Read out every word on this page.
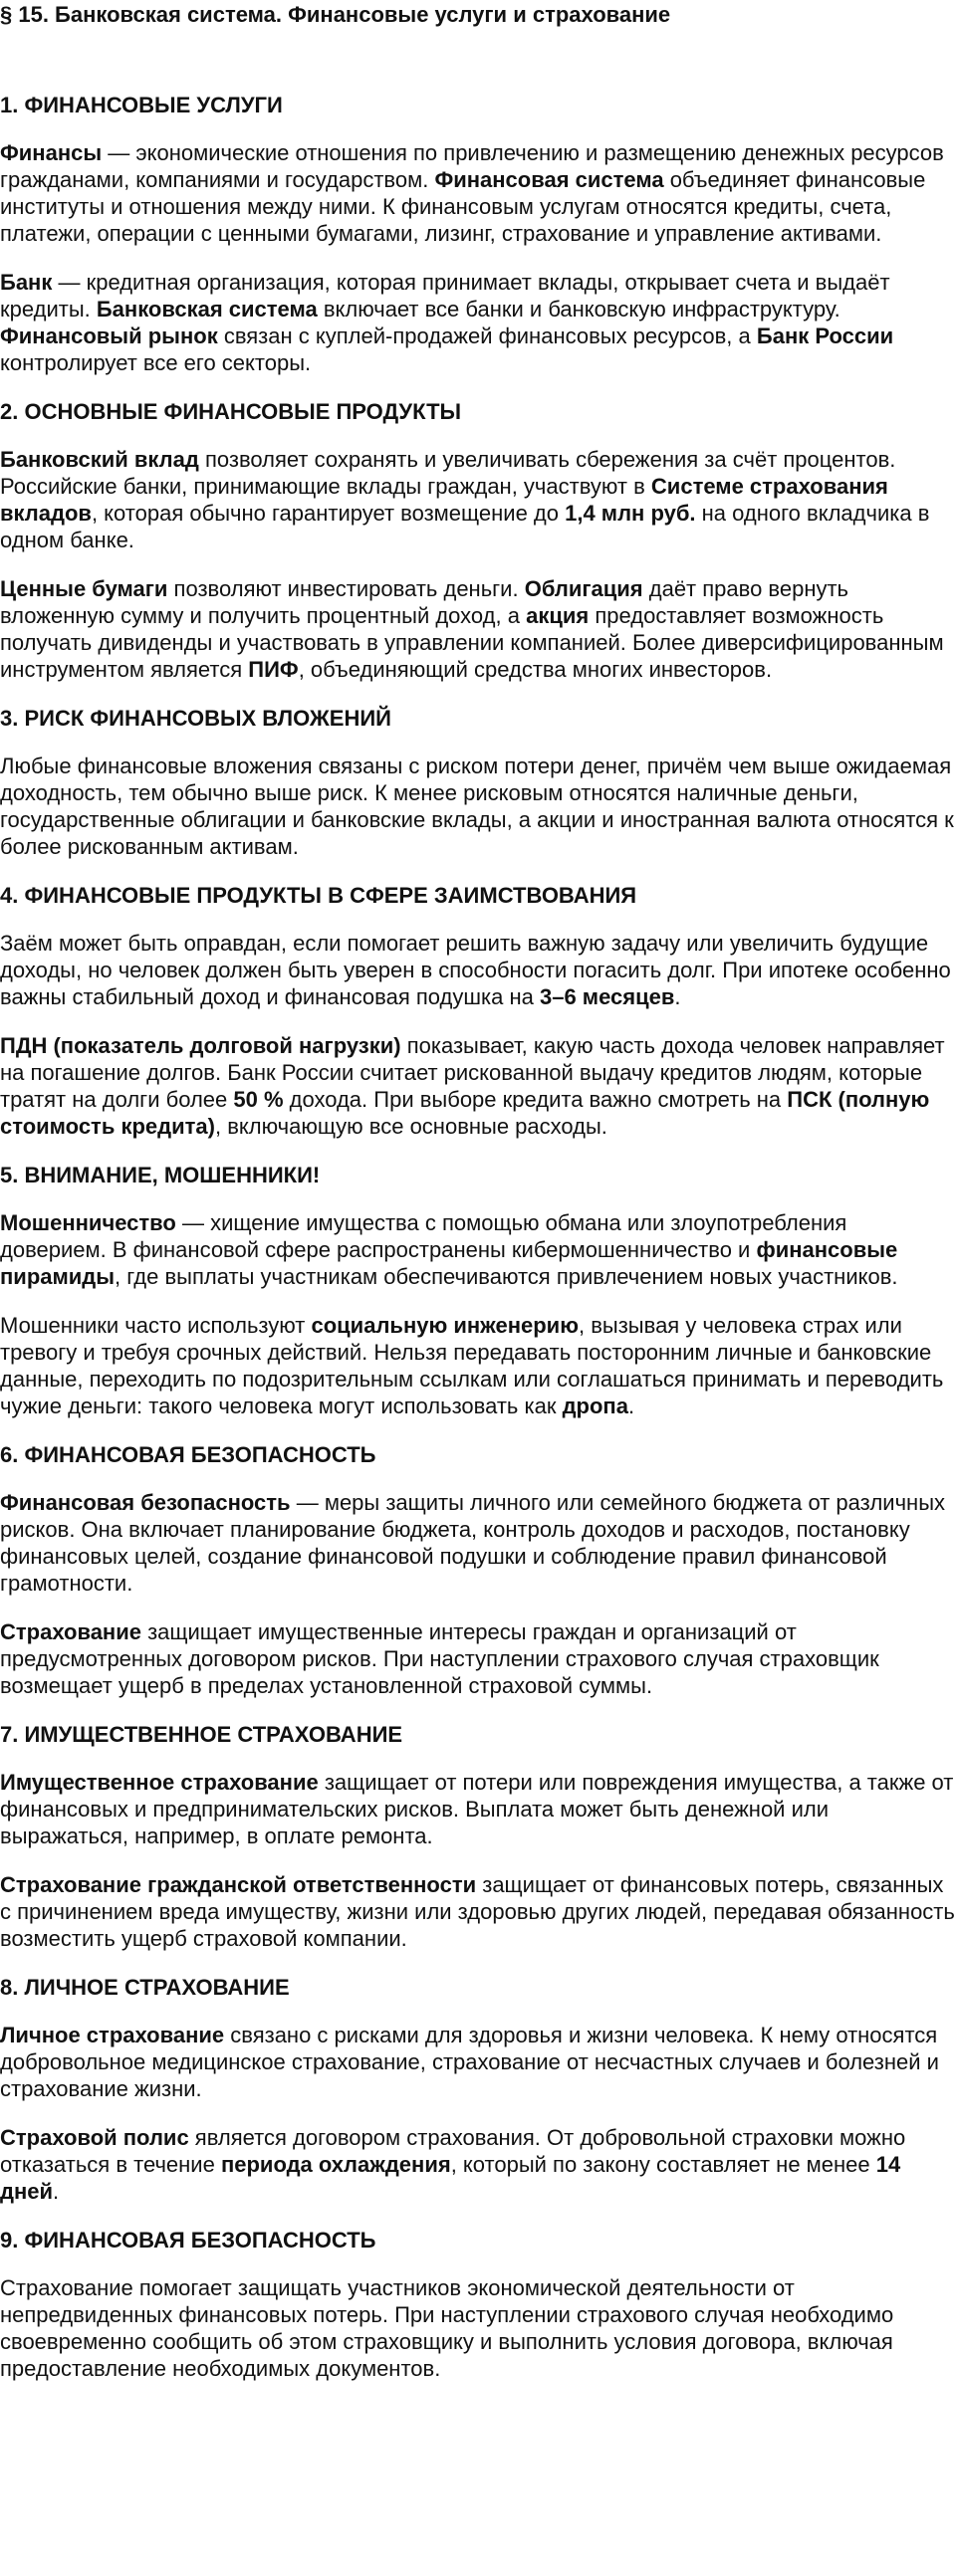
§ 15. Банковская система. Финансовые услуги и страхование
1. ФИНАНСОВЫЕ УСЛУГИ

Финансы — экономические отношения по привлечению и размещению денежных ресурсов гражданами, компаниями и государством. Финансовая система объединяет финансовые институты и отношения между ними. К финансовым услугам относятся кредиты, счета, платежи, операции с ценными бумагами, лизинг, страхование и управление активами.

Банк — кредитная организация, которая принимает вклады, открывает счета и выдаёт кредиты. Банковская система включает все банки и банковскую инфраструктуру. Финансовый рынок связан с куплей-продажей финансовых ресурсов, а Банк России контролирует все его секторы.

2. ОСНОВНЫЕ ФИНАНСОВЫЕ ПРОДУКТЫ

Банковский вклад позволяет сохранять и увеличивать сбережения за счёт процентов. Российские банки, принимающие вклады граждан, участвуют в Системе страхования вкладов, которая обычно гарантирует возмещение до 1,4 млн руб. на одного вкладчика в одном банке.

Ценные бумаги позволяют инвестировать деньги. Облигация даёт право вернуть вложенную сумму и получить процентный доход, а акция предоставляет возможность получать дивиденды и участвовать в управлении компанией. Более диверсифицированным инструментом является ПИФ, объединяющий средства многих инвесторов.

3. РИСК ФИНАНСОВЫХ ВЛОЖЕНИЙ

Любые финансовые вложения связаны с риском потери денег, причём чем выше ожидаемая доходность, тем обычно выше риск. К менее рисковым относятся наличные деньги, государственные облигации и банковские вклады, а акции и иностранная валюта относятся к более рискованным активам.

4. ФИНАНСОВЫЕ ПРОДУКТЫ В СФЕРЕ ЗАИМСТВОВАНИЯ

Заём может быть оправдан, если помогает решить важную задачу или увеличить будущие доходы, но человек должен быть уверен в способности погасить долг. При ипотеке особенно важны стабильный доход и финансовая подушка на 3–6 месяцев.

ПДН (показатель долговой нагрузки) показывает, какую часть дохода человек направляет на погашение долгов. Банк России считает рискованной выдачу кредитов людям, которые тратят на долги более 50 % дохода. При выборе кредита важно смотреть на ПСК (полную стоимость кредита), включающую все основные расходы.

5. ВНИМАНИЕ, МОШЕННИКИ!

Мошенничество — хищение имущества с помощью обмана или злоупотребления доверием. В финансовой сфере распространены кибермошенничество и финансовые пирамиды, где выплаты участникам обеспечиваются привлечением новых участников.

Мошенники часто используют социальную инженерию, вызывая у человека страх или тревогу и требуя срочных действий. Нельзя передавать посторонним личные и банковские данные, переходить по подозрительным ссылкам или соглашаться принимать и переводить чужие деньги: такого человека могут использовать как дропа.

6. ФИНАНСОВАЯ БЕЗОПАСНОСТЬ

Финансовая безопасность — меры защиты личного или семейного бюджета от различных рисков. Она включает планирование бюджета, контроль доходов и расходов, постановку финансовых целей, создание финансовой подушки и соблюдение правил финансовой грамотности.

Страхование защищает имущественные интересы граждан и организаций от предусмотренных договором рисков. При наступлении страхового случая страховщик возмещает ущерб в пределах установленной страховой суммы.

7. ИМУЩЕСТВЕННОЕ СТРАХОВАНИЕ

Имущественное страхование защищает от потери или повреждения имущества, а также от финансовых и предпринимательских рисков. Выплата может быть денежной или выражаться, например, в оплате ремонта.

Страхование гражданской ответственности защищает от финансовых потерь, связанных с причинением вреда имуществу, жизни или здоровью других людей, передавая обязанность возместить ущерб страховой компании.

8. ЛИЧНОЕ СТРАХОВАНИЕ

Личное страхование связано с рисками для здоровья и жизни человека. К нему относятся добровольное медицинское страхование, страхование от несчастных случаев и болезней и страхование жизни.

Страховой полис является договором страхования. От добровольной страховки можно отказаться в течение периода охлаждения, который по закону составляет не менее 14 дней.

9. ФИНАНСОВАЯ БЕЗОПАСНОСТЬ

Страхование помогает защищать участников экономической деятельности от непредвиденных финансовых потерь. При наступлении страхового случая необходимо своевременно сообщить об этом страховщику и выполнить условия договора, включая предоставление необходимых документов.
